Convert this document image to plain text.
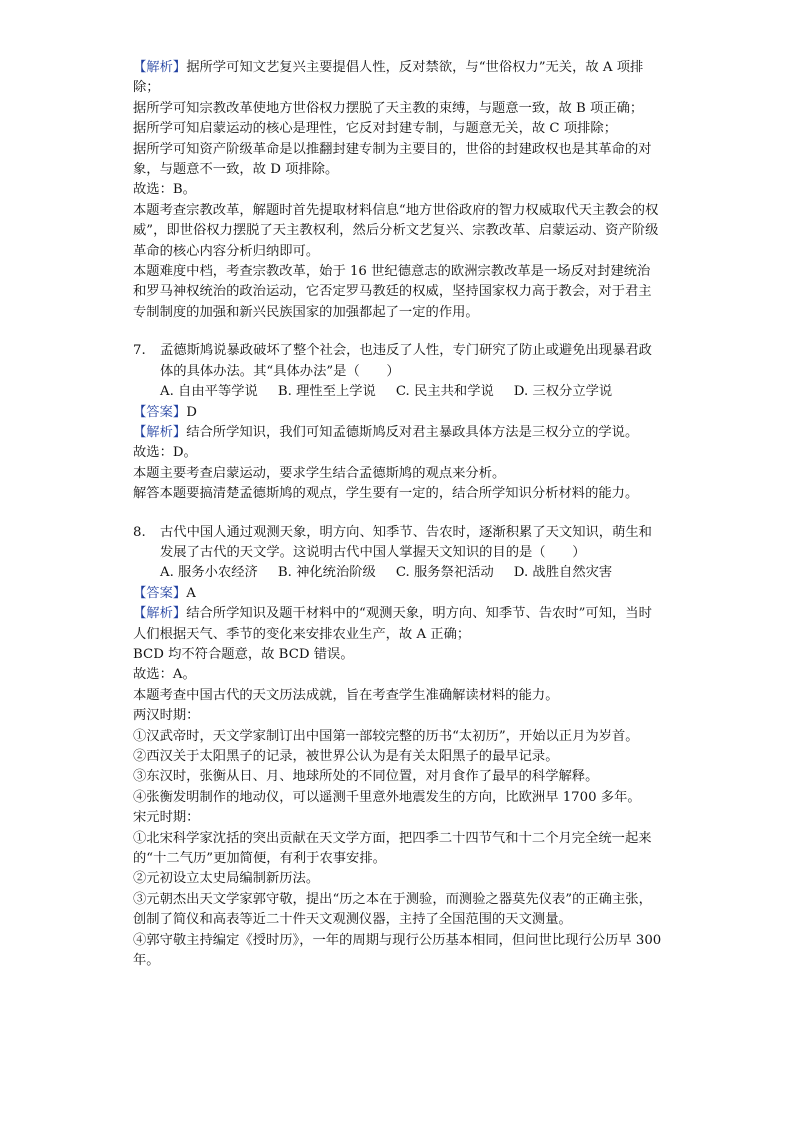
【解析】据所学可知文艺复兴主要提倡人性，反对禁欲，与“世俗权力”无关，故 A 项排除；

据所学可知宗教改革使地方世俗权力摆脱了天主教的束缚，与题意一致，故 B 项正确；

据所学可知启蒙运动的核心是理性，它反对封建专制，与题意无关，故 C 项排除；

据所学可知资产阶级革命是以推翻封建专制为主要目的，世俗的封建政权也是其革命的对象，与题意不一致，故 D 项排除。

故选：B。

本题考查宗教改革，解题时首先提取材料信息“地方世俗政府的智力权威取代天主教会的权威”，即世俗权力摆脱了天主教权利，然后分析文艺复兴、宗教改革、启蒙运动、资产阶级革命的核心内容分析归纳即可。

本题难度中档，考查宗教改革，始于 16 世纪德意志的欧洲宗教改革是一场反对封建统治和罗马神权统治的政治运动，它否定罗马教廷的权威，坚持国家权力高于教会，对于君主专制制度的加强和新兴民族国家的加强都起了一定的作用。

7.	孟德斯鸠说暴政破坏了整个社会，也违反了人性，专门研究了防止或避免出现暴君政体的具体办法。其“具体办法”是（　　）
A. 自由平等学说 B. 理性至上学说 C. 民主共和学说 D. 三权分立学说

【答案】D

【解析】结合所学知识，我们可知孟德斯鸠反对君主暴政具体方法是三权分立的学说。

故选：D。

本题主要考查启蒙运动，要求学生结合孟德斯鸠的观点来分析。

解答本题要搞清楚孟德斯鸠的观点，学生要有一定的，结合所学知识分析材料的能力。

8.	古代中国人通过观测天象，明方向、知季节、告农时，逐渐积累了天文知识，萌生和发展了古代的天文学。这说明古代中国人掌握天文知识的目的是（　　）
A. 服务小农经济 B. 神化统治阶级 C. 服务祭祀活动 D. 战胜自然灾害

【答案】A

【解析】结合所学知识及题干材料中的“观测天象，明方向、知季节、告农时”可知，当时人们根据天气、季节的变化来安排农业生产，故 A 正确；

BCD 均不符合题意，故 BCD 错误。

故选：A。

本题考查中国古代的天文历法成就，旨在考查学生准确解读材料的能力。

两汉时期：

①汉武帝时，天文学家制订出中国第一部较完整的历书“太初历”，开始以正月为岁首。

②西汉关于太阳黑子的记录，被世界公认为是有关太阳黑子的最早记录。

③东汉时，张衡从日、月、地球所处的不同位置，对月食作了最早的科学解释。

④张衡发明制作的地动仪，可以遥测千里意外地震发生的方向，比欧洲早 1700 多年。

宋元时期：

①北宋科学家沈括的突出贡献在天文学方面，把四季二十四节气和十二个月完全统一起来的“十二气历”更加简便，有利于农事安排。

②元初设立太史局编制新历法。

③元朝杰出天文学家郭守敬，提出“历之本在于测验，而测验之器莫先仪表”的正确主张，创制了简仪和高表等近二十件天文观测仪器，主持了全国范围的天文测量。

④郭守敬主持编定《授时历》，一年的周期与现行公历基本相同，但问世比现行公历早 300 年。
